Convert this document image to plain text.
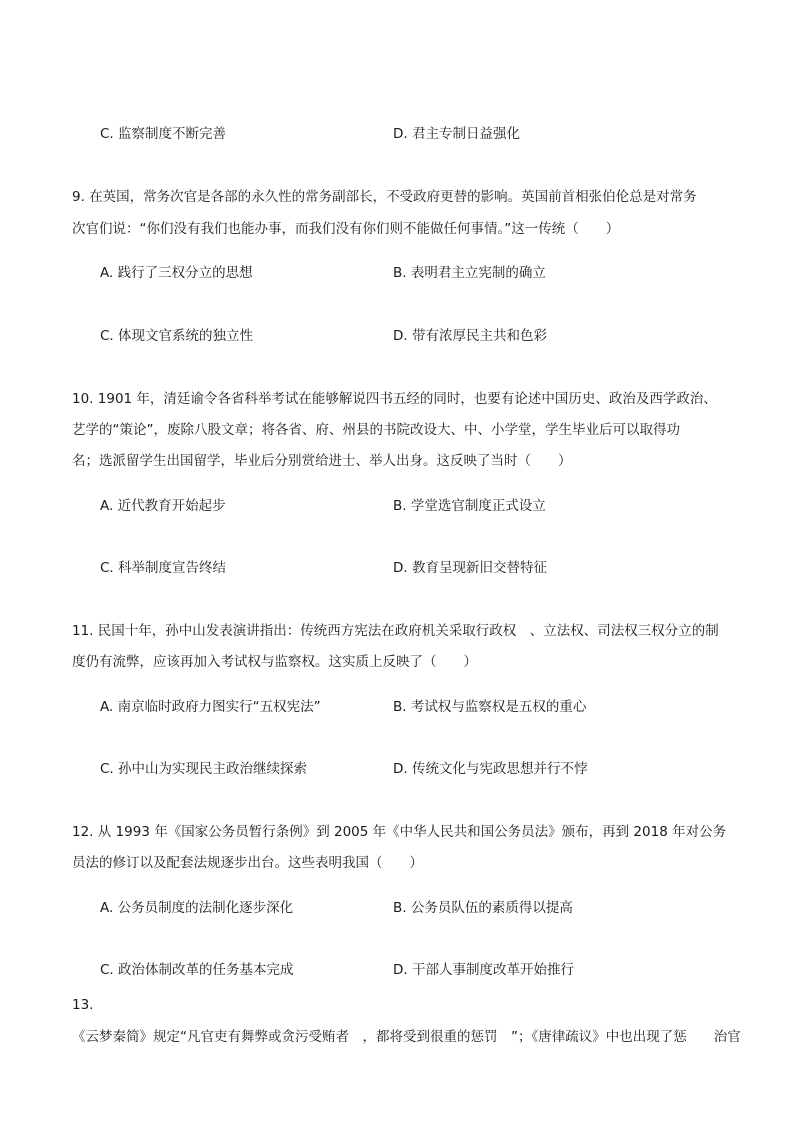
C. 监察制度不断完善	D. 君主专制日益强化
9. 在英国，常务次官是各部的永久性的常务副部长，不受政府更替的影响。英国前首相张伯伦总是对常务
次官们说：“你们没有我们也能办事，而我们没有你们则不能做任何事情。”这一传统（　　）
A. 践行了三权分立的思想	B. 表明君主立宪制的确立
C. 体现文官系统的独立性	D. 带有浓厚民主共和色彩
10. 1901 年，清廷谕令各省科举考试在能够解说四书五经的同时，也要有论述中国历史、政治及西学政治、
艺学的“策论”，废除八股文章；将各省、府、州县的书院改设大、中、小学堂，学生毕业后可以取得功
名；选派留学生出国留学，毕业后分别赏给进士、举人出身。这反映了当时（　　）
A. 近代教育开始起步	B. 学堂选官制度正式设立
C. 科举制度宣告终结	D. 教育呈现新旧交替特征
11. 民国十年，孙中山发表演讲指出：传统西方宪法在政府机关采取行政权　、立法权、司法权三权分立的制
度仍有流弊，应该再加入考试权与监察权。这实质上反映了（　　）
A. 南京临时政府力图实行“五权宪法”	B. 考试权与监察权是五权的重心
C. 孙中山为实现民主政治继续探索	D. 传统文化与宪政思想并行不悖
12. 从 1993 年《国家公务员暂行条例》到 2005 年《中华人民共和国公务员法》颁布，再到 2018 年对公务
员法的修订以及配套法规逐步出台。这些表明我国（　　）
A. 公务员制度的法制化逐步深化	B. 公务员队伍的素质得以提高
C. 政治体制改革的任务基本完成	D. 干部人事制度改革开始推行
13.
《云梦秦简》规定“凡官吏有舞弊或贪污受贿者　，都将受到很重的惩罚　”；《唐律疏议》中也出现了惩　　治官
